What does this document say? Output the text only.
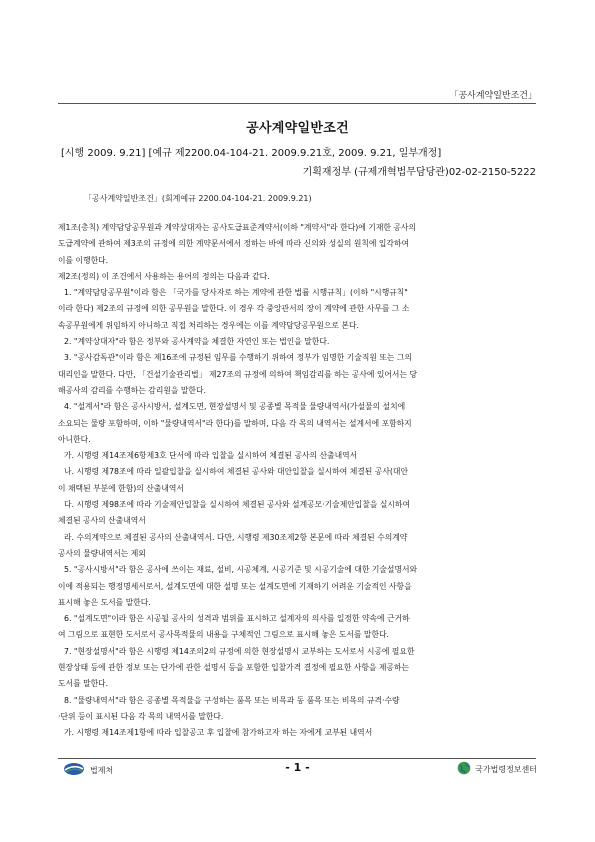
「공사계약일반조건」
공사계약일반조건
[시행 2009. 9.21] [예규 제2200.04-104-21. 2009.9.21호, 2009. 9.21, 일부개정]
기획재정부 (규제개혁법무담당관)02-02-2150-5222
「공사계약일반조건」(회계예규 2200.04-104-21. 2009.9.21)
제1조(총칙) 계약담당공무원과 계약상대자는 공사도급표준계약서(이하 "계약서"라 한다)에 기재한 공사의
도급계약에 관하여 제3조의 규정에 의한 계약문서에서 정하는 바에 따라 신의와 성실의 원칙에 입각하여
이를 이행한다.
제2조(정의) 이 조건에서 사용하는 용어의 정의는 다음과 같다.
1. "계약담당공무원"이라 함은 「국가를 당사자로 하는 계약에 관한 법률 시행규칙」(이하 "시행규칙"
이라 한다) 제2조의 규정에 의한 공무원을 말한다. 이 경우 각 중앙관서의 장이 계약에 관한 사무를 그 소
속공무원에게 위임하지 아니하고 직접 처리하는 경우에는 이를 계약담당공무원으로 본다.
2. "계약상대자"라 함은 정부와 공사계약을 체결한 자연인 또는 법인을 말한다.
3. "공사감독관"이라 함은 제16조에 규정된 임무를 수행하기 위하여 정부가 임명한 기술직원 또는 그의
대리인을 말한다. 다만, 「건설기술관리법」 제27조의 규정에 의하여 책임감리를 하는 공사에 있어서는 당
해공사의 감리를 수행하는 감리원을 말한다.
4. "설계서"라 함은 공사시방서, 설계도면, 현장설명서 및 공종별 목적물 물량내역서(가설물의 설치에
소요되는 물량 포함하며, 이하 "물량내역서"라 한다)를 말하며, 다음 각 목의 내역서는 설계서에 포함하지
아니한다.
가. 시행령 제14조제6항제3호 단서에 따라 입찰을 실시하여 체결된 공사의 산출내역서
나. 시행령 제78조에 따라 일괄입찰을 실시하여 체결된 공사와 대안입찰을 실시하여 체결된 공사(대안
이 채택된 부분에 한함)의 산출내역서
다. 시행령 제98조에 따라 기술제안입찰을 실시하여 체결된 공사와 설계공모·기술제안입찰을 실시하여
체결된 공사의 산출내역서
라. 수의계약으로 체결된 공사의 산출내역서. 다만, 시행령 제30조제2항 본문에 따라 체결된 수의계약
공사의 물량내역서는 제외
5. "공사시방서"라 함은 공사에 쓰이는 재료, 설비, 시공체계, 시공기준 및 시공기술에 대한 기술설명서와
이에 적용되는 행정명세서로서, 설계도면에 대한 설명 또는 설계도면에 기재하기 어려운 기술적인 사항을
표시해 놓은 도서를 말한다.
6. "설계도면"이라 함은 시공될 공사의 성격과 범위를 표시하고 설계자의 의사를 일정한 약속에 근거하
여 그림으로 표현한 도서로서 공사목적물의 내용을 구체적인 그림으로 표시해 놓은 도서를 말한다.
7. "현장설명서"라 함은 시행령 제14조의2의 규정에 의한 현장설명시 교부하는 도서로서 시공에 필요한
현장상태 등에 관한 정보 또는 단가에 관한 설명서 등을 포함한 입찰가격 결정에 필요한 사항을 제공하는
도서를 말한다.
8. "물량내역서"라 함은 공종별 목적물을 구성하는 품목 또는 비목과 동 품목 또는 비목의 규격·수량
·단위 등이 표시된 다음 각 목의 내역서를 말한다.
가. 시행령 제14조제1항에 따라 입찰공고 후 입찰에 참가하고자 하는 자에게 교부된 내역서
법제처	- 1 -	국가법령정보센터
